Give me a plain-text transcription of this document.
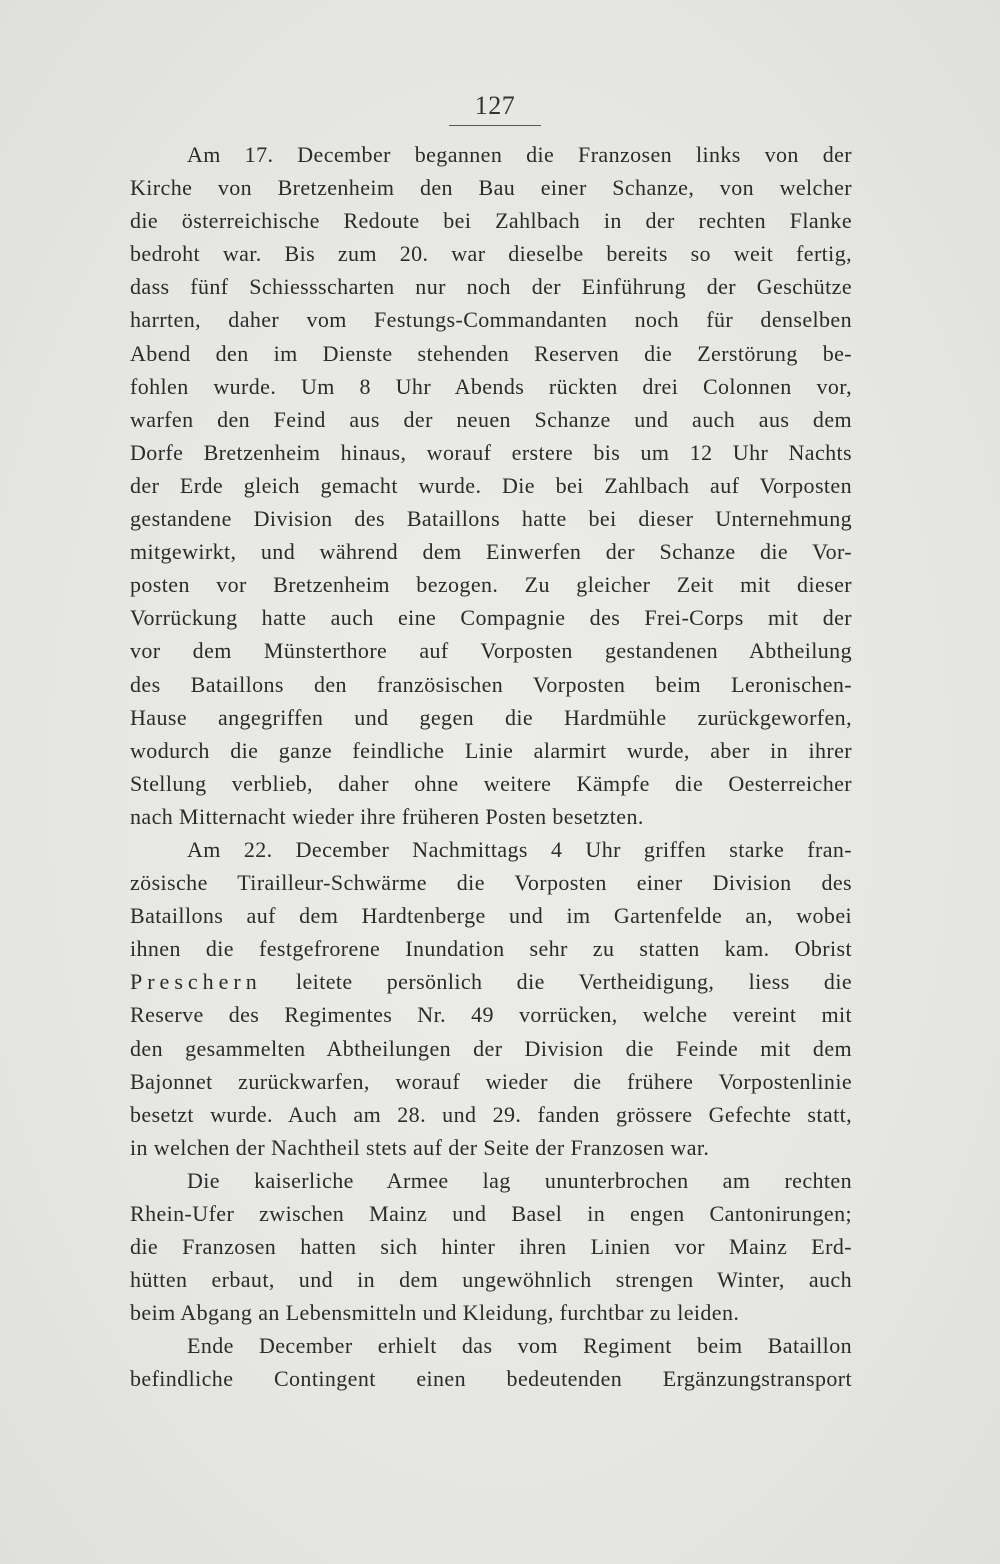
127
Am 17. December begannen die Franzosen links von der
Kirche von Bretzenheim den Bau einer Schanze, von welcher
die österreichische Redoute bei Zahlbach in der rechten Flanke
bedroht war. Bis zum 20. war dieselbe bereits so weit fertig,
dass fünf Schiessscharten nur noch der Einführung der Geschütze
harrten, daher vom Festungs-Commandanten noch für denselben
Abend den im Dienste stehenden Reserven die Zerstörung be-
fohlen wurde. Um 8 Uhr Abends rückten drei Colonnen vor,
warfen den Feind aus der neuen Schanze und auch aus dem
Dorfe Bretzenheim hinaus, worauf erstere bis um 12 Uhr Nachts
der Erde gleich gemacht wurde. Die bei Zahlbach auf Vorposten
gestandene Division des Bataillons hatte bei dieser Unternehmung
mitgewirkt, und während dem Einwerfen der Schanze die Vor-
posten vor Bretzenheim bezogen. Zu gleicher Zeit mit dieser
Vorrückung hatte auch eine Compagnie des Frei-Corps mit der
vor dem Münsterthore auf Vorposten gestandenen Abtheilung
des Bataillons den französischen Vorposten beim Leronischen-
Hause angegriffen und gegen die Hardmühle zurückgeworfen,
wodurch die ganze feindliche Linie alarmirt wurde, aber in ihrer
Stellung verblieb, daher ohne weitere Kämpfe die Oesterreicher
nach Mitternacht wieder ihre früheren Posten besetzten.
Am 22. December Nachmittags 4 Uhr griffen starke fran-
zösische Tirailleur-Schwärme die Vorposten einer Division des
Bataillons auf dem Hardtenberge und im Gartenfelde an, wobei
ihnen die festgefrorene Inundation sehr zu statten kam. Obrist
Preschern leitete persönlich die Vertheidigung, liess die
Reserve des Regimentes Nr. 49 vorrücken, welche vereint mit
den gesammelten Abtheilungen der Division die Feinde mit dem
Bajonnet zurückwarfen, worauf wieder die frühere Vorpostenlinie
besetzt wurde. Auch am 28. und 29. fanden grössere Gefechte statt,
in welchen der Nachtheil stets auf der Seite der Franzosen war.
Die kaiserliche Armee lag ununterbrochen am rechten
Rhein-Ufer zwischen Mainz und Basel in engen Cantonirungen;
die Franzosen hatten sich hinter ihren Linien vor Mainz Erd-
hütten erbaut, und in dem ungewöhnlich strengen Winter, auch
beim Abgang an Lebensmitteln und Kleidung, furchtbar zu leiden.
Ende December erhielt das vom Regiment beim Bataillon
befindliche Contingent einen bedeutenden Ergänzungstransport
